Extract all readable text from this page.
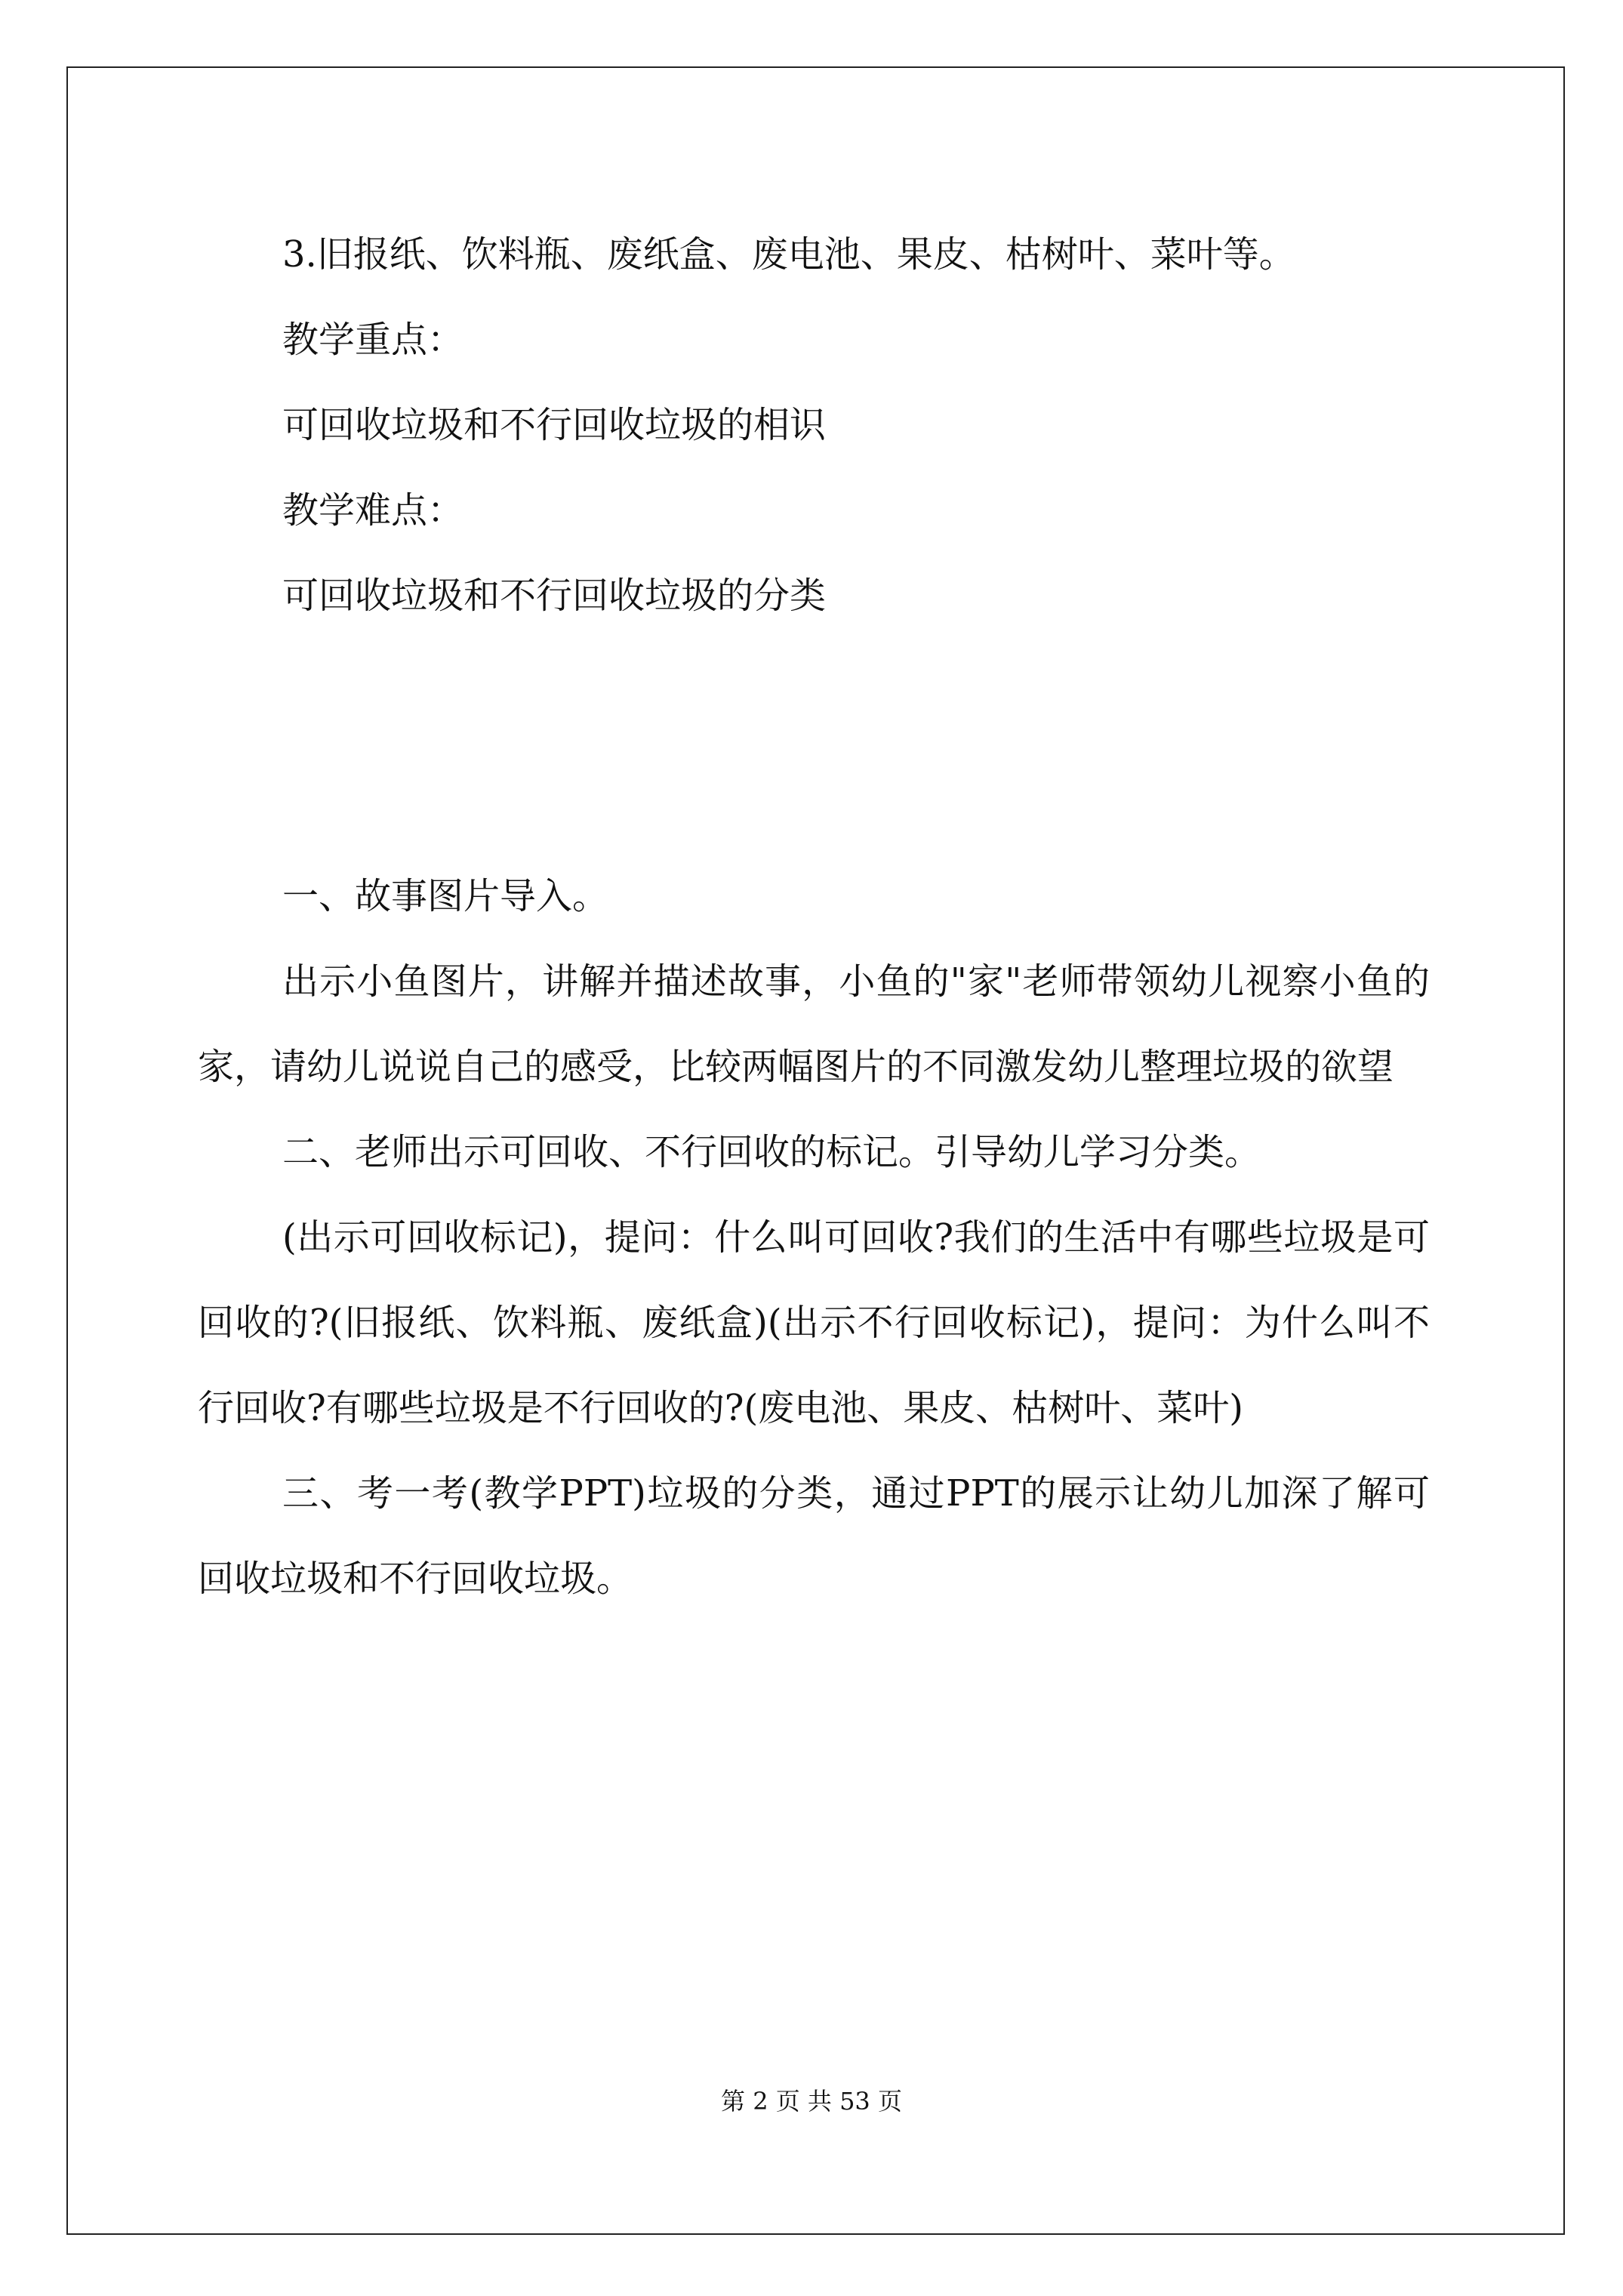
3.旧报纸、饮料瓶、废纸盒、废电池、果皮、枯树叶、菜叶等。
教学重点：
可回收垃圾和不行回收垃圾的相识
教学难点：
可回收垃圾和不行回收垃圾的分类
一、故事图片导入。
出示小鱼图片，讲解并描述故事，小鱼的"家"老师带领幼儿视察小鱼的家，请幼儿说说自己的感受，比较两幅图片的不同激发幼儿整理垃圾的欲望
二、老师出示可回收、不行回收的标记。引导幼儿学习分类。
(出示可回收标记)，提问：什么叫可回收?我们的生活中有哪些垃圾是可回收的?(旧报纸、饮料瓶、废纸盒)(出示不行回收标记)，提问：为什么叫不行回收?有哪些垃圾是不行回收的?(废电池、果皮、枯树叶、菜叶)
三、考一考(教学PPT)垃圾的分类，通过PPT的展示让幼儿加深了解可回收垃圾和不行回收垃圾。
第 2 页 共 53 页
